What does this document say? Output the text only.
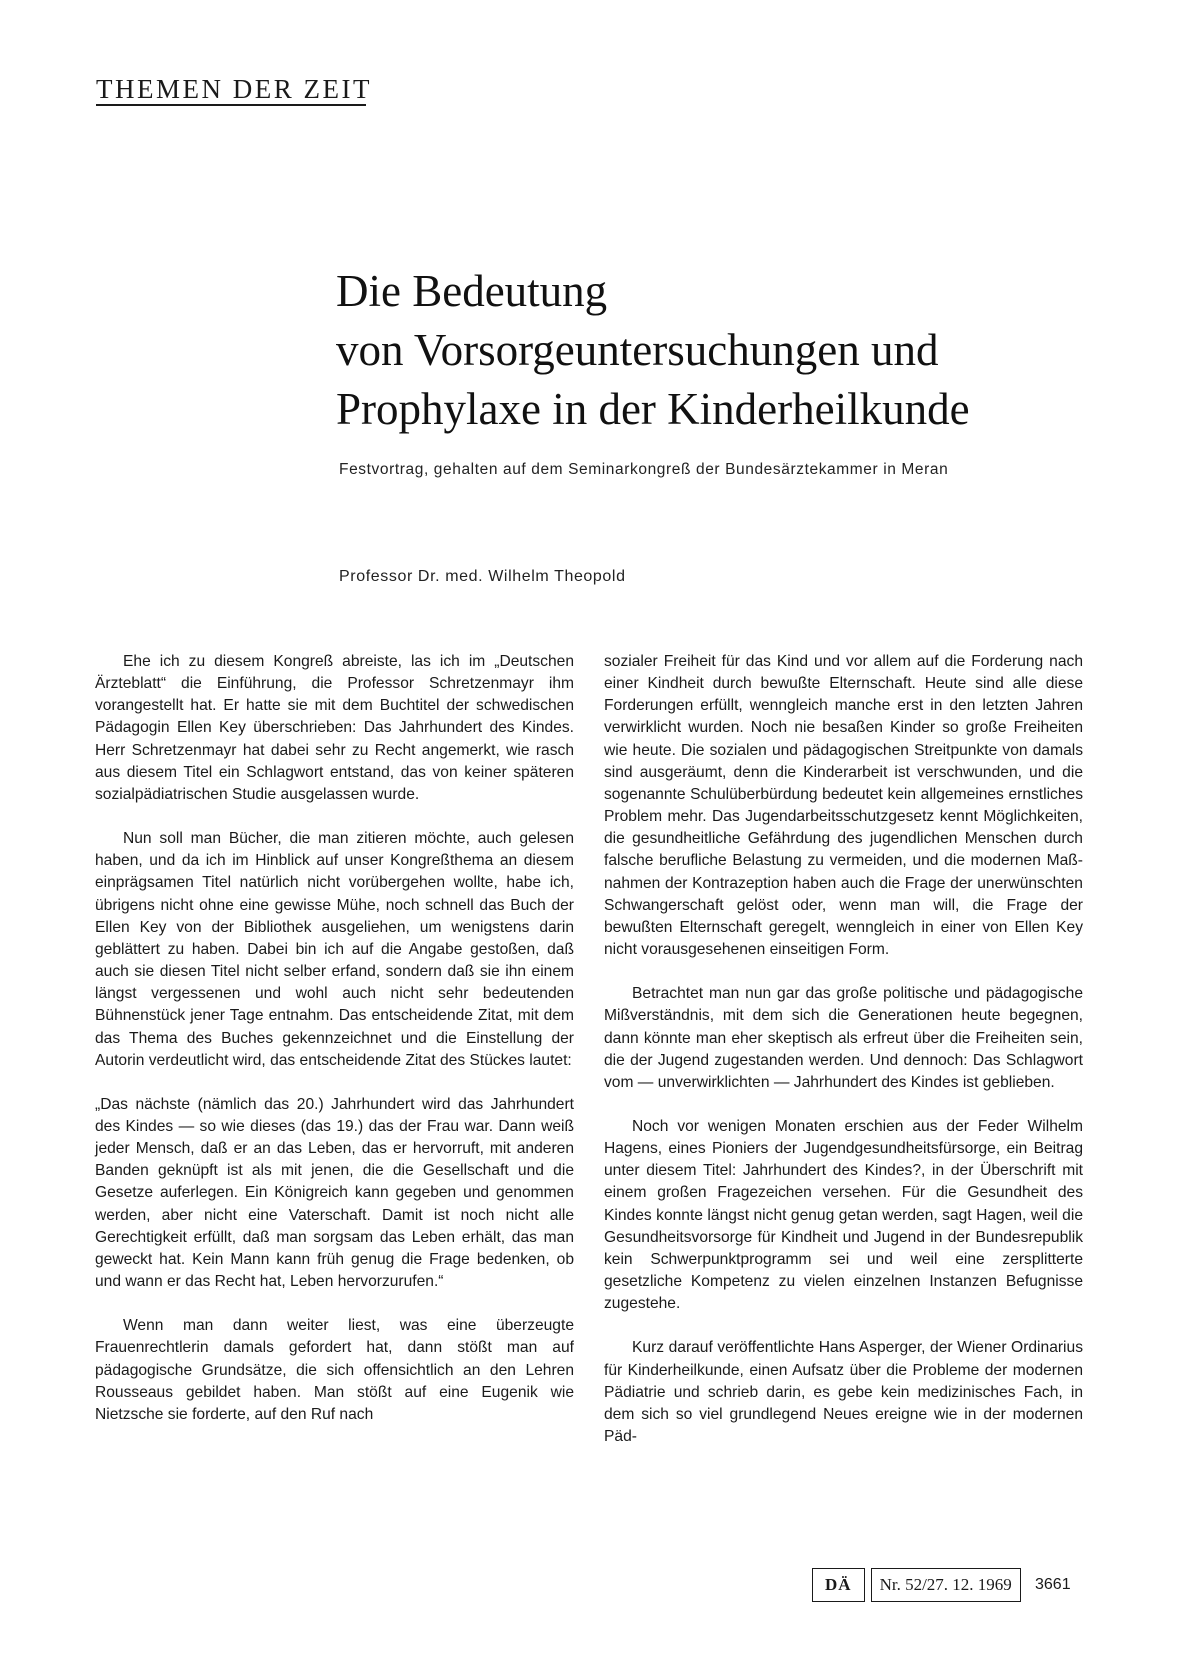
THEMEN DER ZEIT
Die Bedeutung
von Vorsorgeuntersuchungen und
Prophylaxe in der Kinderheilkunde
Festvortrag, gehalten auf dem Seminarkongreß der Bundesärztekammer in Meran
Professor Dr. med. Wilhelm Theopold

Ehe ich zu diesem Kongreß abreiste, las ich im „Deutschen Ärzteblatt“ die Einführung, die Professor Schretzenmayr ihm vorangestellt hat. Er hatte sie mit dem Buchtitel der schwedischen Pädagogin Ellen Key überschrieben: Das Jahrhundert des Kindes. Herr Schretzenmayr hat dabei sehr zu Recht angemerkt, wie rasch aus diesem Titel ein Schlagwort entstand, das von keiner späteren sozialpädiatrischen Studie ausgelassen wurde.

Nun soll man Bücher, die man zitieren möchte, auch gelesen haben, und da ich im Hinblick auf unser Kongreßthema an diesem einprägsamen Titel natürlich nicht vorübergehen wollte, habe ich, übrigens nicht ohne eine gewisse Mühe, noch schnell das Buch der Ellen Key von der Bibliothek ausgeliehen, um wenigstens darin geblättert zu haben. Dabei bin ich auf die Angabe gestoßen, daß auch sie diesen Titel nicht selber erfand, sondern daß sie ihn einem längst vergessenen und wohl auch nicht sehr bedeutenden Bühnenstück jener Tage entnahm. Das entscheidende Zitat, mit dem das Thema des Buches gekennzeichnet und die Einstellung der Autorin verdeutlicht wird, das entscheidende Zitat des Stückes lautet:

„Das nächste (nämlich das 20.) Jahrhundert wird das Jahrhundert des Kindes — so wie dieses (das 19.) das der Frau war. Dann weiß jeder Mensch, daß er an das Leben, das er hervorruft, mit anderen Banden geknüpft ist als mit jenen, die die Gesellschaft und die Gesetze auferlegen. Ein Königreich kann gegeben und genommen werden, aber nicht eine Vaterschaft. Damit ist noch nicht alle Gerechtigkeit erfüllt, daß man sorgsam das Leben erhält, das man geweckt hat. Kein Mann kann früh genug die Frage bedenken, ob und wann er das Recht hat, Leben hervorzurufen.“

Wenn man dann weiter liest, was eine überzeugte Frauenrechtlerin damals gefordert hat, dann stößt man auf pädagogische Grundsätze, die sich offensichtlich an den Lehren Rousseaus gebildet haben. Man stößt auf eine Eugenik wie Nietzsche sie forderte, auf den Ruf nach

sozialer Freiheit für das Kind und vor allem auf die Forderung nach einer Kindheit durch bewußte Elternschaft. Heute sind alle diese Forderungen erfüllt, wenngleich manche erst in den letzten Jahren verwirklicht wurden. Noch nie besaßen Kinder so große Freiheiten wie heute. Die sozialen und pädagogischen Streitpunkte von damals sind ausgeräumt, denn die Kinderarbeit ist verschwunden, und die sogenannte Schulüberbürdung bedeutet kein allgemeines ernstliches Problem mehr. Das Jugendarbeitsschutzgesetz kennt Möglichkeiten, die gesundheitliche Gefährdung des jugendlichen Menschen durch falsche berufliche Belastung zu vermeiden, und die modernen Maßnahmen der Kontrazeption haben auch die Frage der unerwünschten Schwangerschaft gelöst oder, wenn man will, die Frage der bewußten Elternschaft geregelt, wenngleich in einer von Ellen Key nicht vorausgesehenen einseitigen Form.

Betrachtet man nun gar das große politische und pädagogische Mißverständnis, mit dem sich die Generationen heute begegnen, dann könnte man eher skeptisch als erfreut über die Freiheiten sein, die der Jugend zugestanden werden. Und dennoch: Das Schlagwort vom — unverwirklichten — Jahrhundert des Kindes ist geblieben.

Noch vor wenigen Monaten erschien aus der Feder Wilhelm Hagens, eines Pioniers der Jugendgesundheitsfürsorge, ein Beitrag unter diesem Titel: Jahrhundert des Kindes?, in der Überschrift mit einem großen Fragezeichen versehen. Für die Gesundheit des Kindes konnte längst nicht genug getan werden, sagt Hagen, weil die Gesundheitsvorsorge für Kindheit und Jugend in der Bundesrepublik kein Schwerpunktprogramm sei und weil eine zersplitterte gesetzliche Kompetenz zu vielen einzelnen Instanzen Befugnisse zugestehe.

Kurz darauf veröffentlichte Hans Asperger, der Wiener Ordinarius für Kinderheilkunde, einen Aufsatz über die Probleme der modernen Pädiatrie und schrieb darin, es gebe kein medizinisches Fach, in dem sich so viel grundlegend Neues ereigne wie in der modernen Päd-

DÄ	Nr. 52/27. 12. 1969	3661
